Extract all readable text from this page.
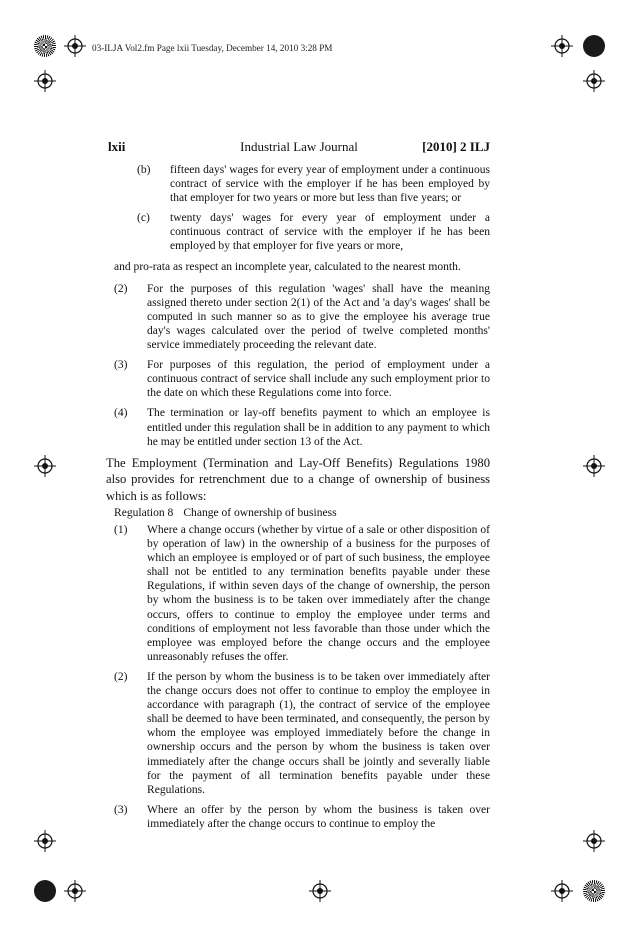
03-ILJA Vol2.fm Page lxii Tuesday, December 14, 2010 3:28 PM
lxii	Industrial Law Journal	[2010] 2 ILJ
(b) fifteen days' wages for every year of employment under a continuous contract of service with the employer if he has been employed by that employer for two years or more but less than five years; or
(c) twenty days' wages for every year of employment under a continuous contract of service with the employer if he has been employed by that employer for five years or more,
and pro-rata as respect an incomplete year, calculated to the nearest month.
(2) For the purposes of this regulation 'wages' shall have the meaning assigned thereto under section 2(1) of the Act and 'a day's wages' shall be computed in such manner so as to give the employee his average true day's wages calculated over the period of twelve completed months' service immediately proceeding the relevant date.
(3) For purposes of this regulation, the period of employment under a continuous contract of service shall include any such employment prior to the date on which these Regulations come into force.
(4) The termination or lay-off benefits payment to which an employee is entitled under this regulation shall be in addition to any payment to which he may be entitled under section 13 of the Act.
The Employment (Termination and Lay-Off Benefits) Regulations 1980 also provides for retrenchment due to a change of ownership of business which is as follows:
Regulation 8 Change of ownership of business
(1) Where a change occurs (whether by virtue of a sale or other disposition of by operation of law) in the ownership of a business for the purposes of which an employee is employed or of part of such business, the employee shall not be entitled to any termination benefits payable under these Regulations, if within seven days of the change of ownership, the person by whom the business is to be taken over immediately after the change occurs, offers to continue to employ the employee under terms and conditions of employment not less favorable than those under which the employee was employed before the change occurs and the employee unreasonably refuses the offer.
(2) If the person by whom the business is to be taken over immediately after the change occurs does not offer to continue to employ the employee in accordance with paragraph (1), the contract of service of the employee shall be deemed to have been terminated, and consequently, the person by whom the employee was employed immediately before the change in ownership occurs and the person by whom the business is taken over immediately after the change occurs shall be jointly and severally liable for the payment of all termination benefits payable under these Regulations.
(3) Where an offer by the person by whom the business is taken over immediately after the change occurs to continue to employ the
